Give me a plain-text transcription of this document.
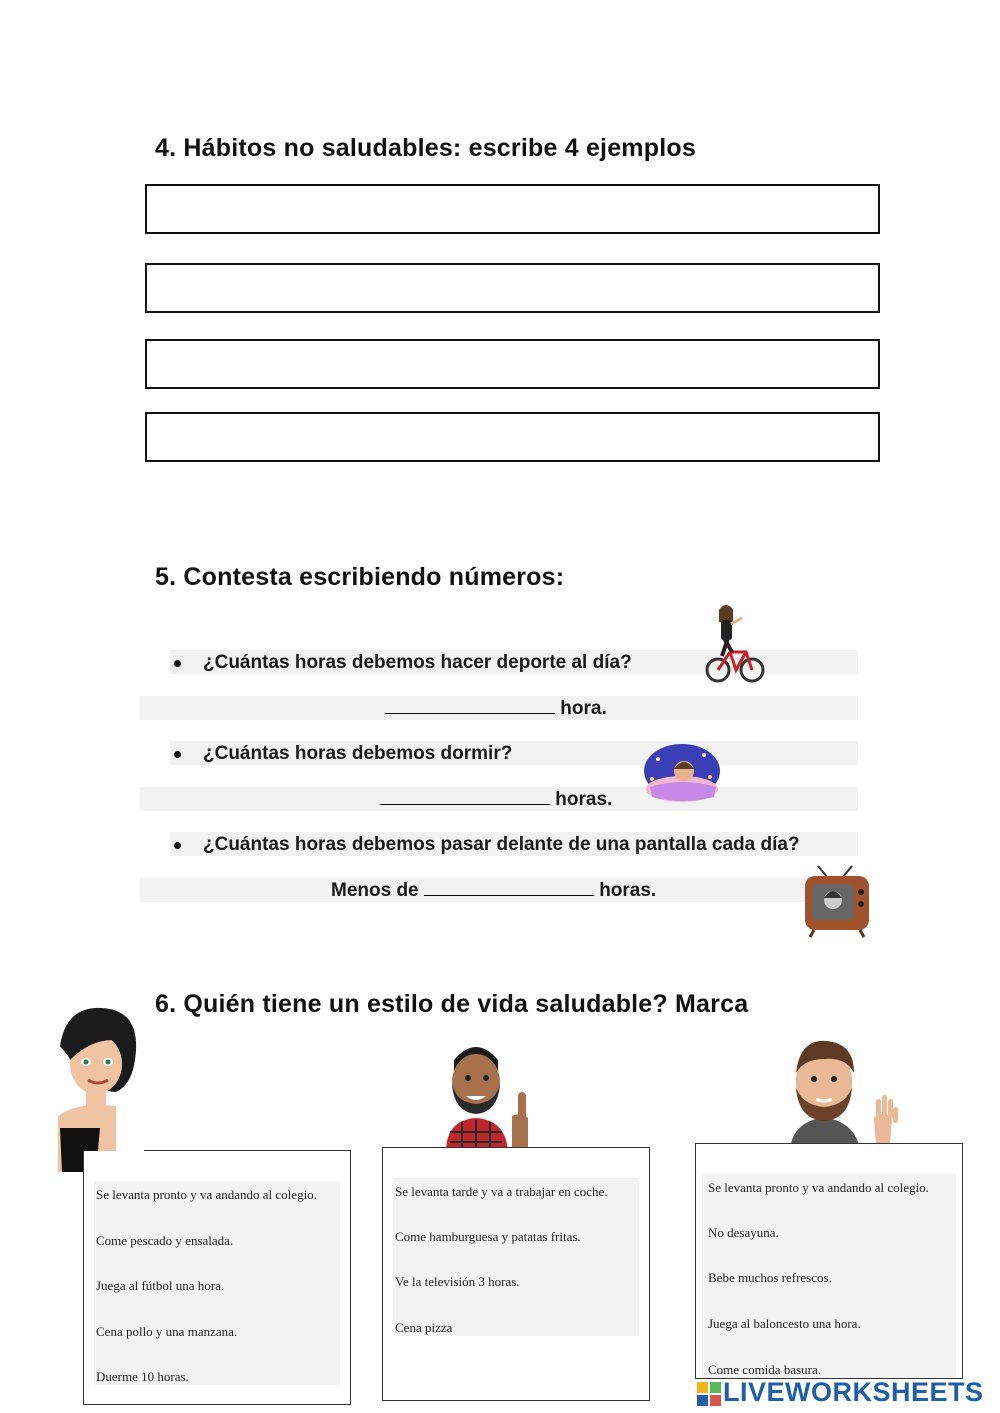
4. Hábitos no saludables: escribe 4 ejemplos
5. Contesta escribiendo números:
¿Cuántas horas debemos hacer deporte al día?
hora.
¿Cuántas horas debemos dormir?
horas.
¿Cuántas horas debemos pasar delante de una pantalla cada día?
Menos de	horas.
6. Quién tiene un estilo de vida saludable? Marca
Se levanta pronto y va andando al colegio.
Come pescado y ensalada.
Juega al fútbol una hora.
Cena pollo y una manzana.
Duerme 10 horas.
Se levanta tarde y va a trabajar en coche.
Come hamburguesa y patatas fritas.
Ve la televisión 3 horas.
Cena pizza
Se levanta pronto y va andando al colegio.
No desayuna.
Bebe muchos refrescos.
Juega al baloncesto una hora.
Come comida basura.
LIVEWORKSHEETS
